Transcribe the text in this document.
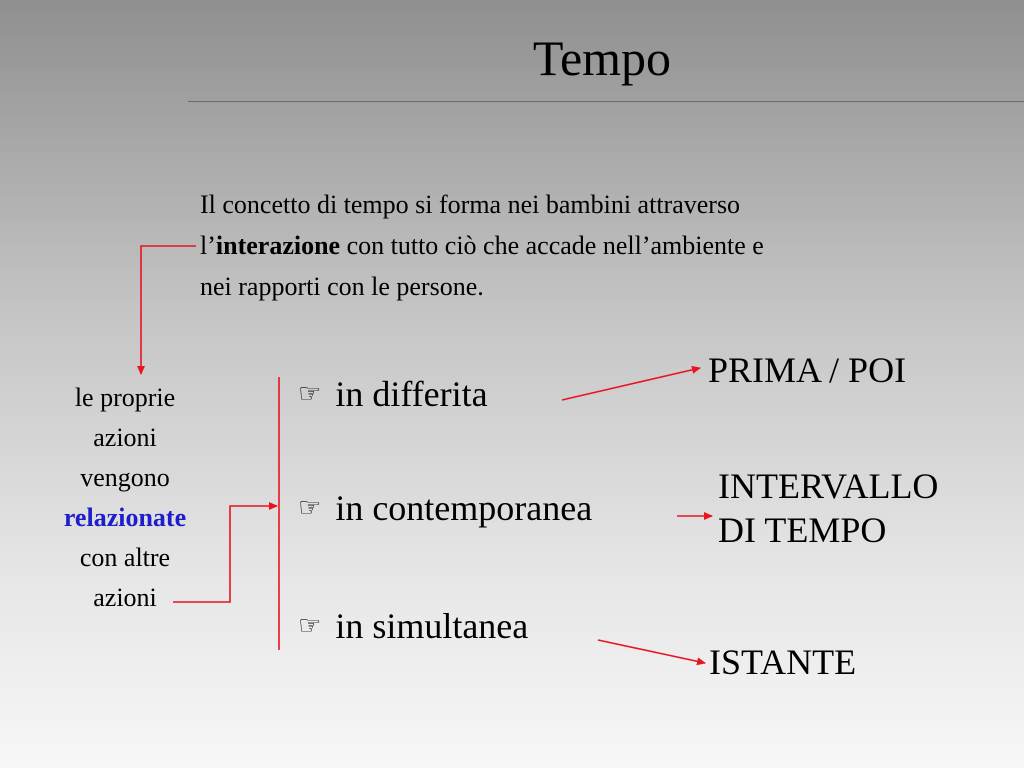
Tempo
Il concetto di tempo si forma nei bambini attraverso
l’interazione con tutto ciò che accade nell’ambiente e
nei rapporti con le persone.
le proprie
azioni
vengono
relazionate
con altre
azioni
☞ in differita
☞ in contemporanea
☞ in simultanea
PRIMA / POI
INTERVALLO
DI TEMPO
ISTANTE
